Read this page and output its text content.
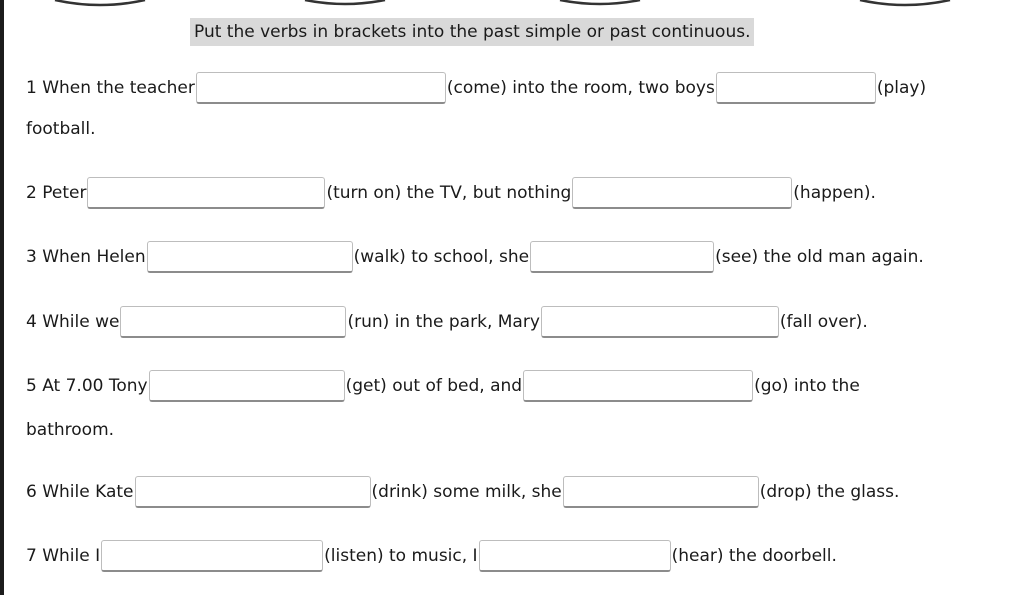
Put the verbs in brackets into the past simple or past continuous.
1 When the teacher	(come) into the room, two boys	(play)
football.
2 Peter	(turn on) the TV, but nothing	(happen).
3 When Helen	(walk) to school, she	(see) the old man again.
4 While we	(run) in the park, Mary	(fall over).
5 At 7.00 Tony	(get) out of bed, and	(go) into the
bathroom.
6 While Kate	(drink) some milk, she	(drop) the glass.
7 While I	(listen) to music, I	(hear) the doorbell.
